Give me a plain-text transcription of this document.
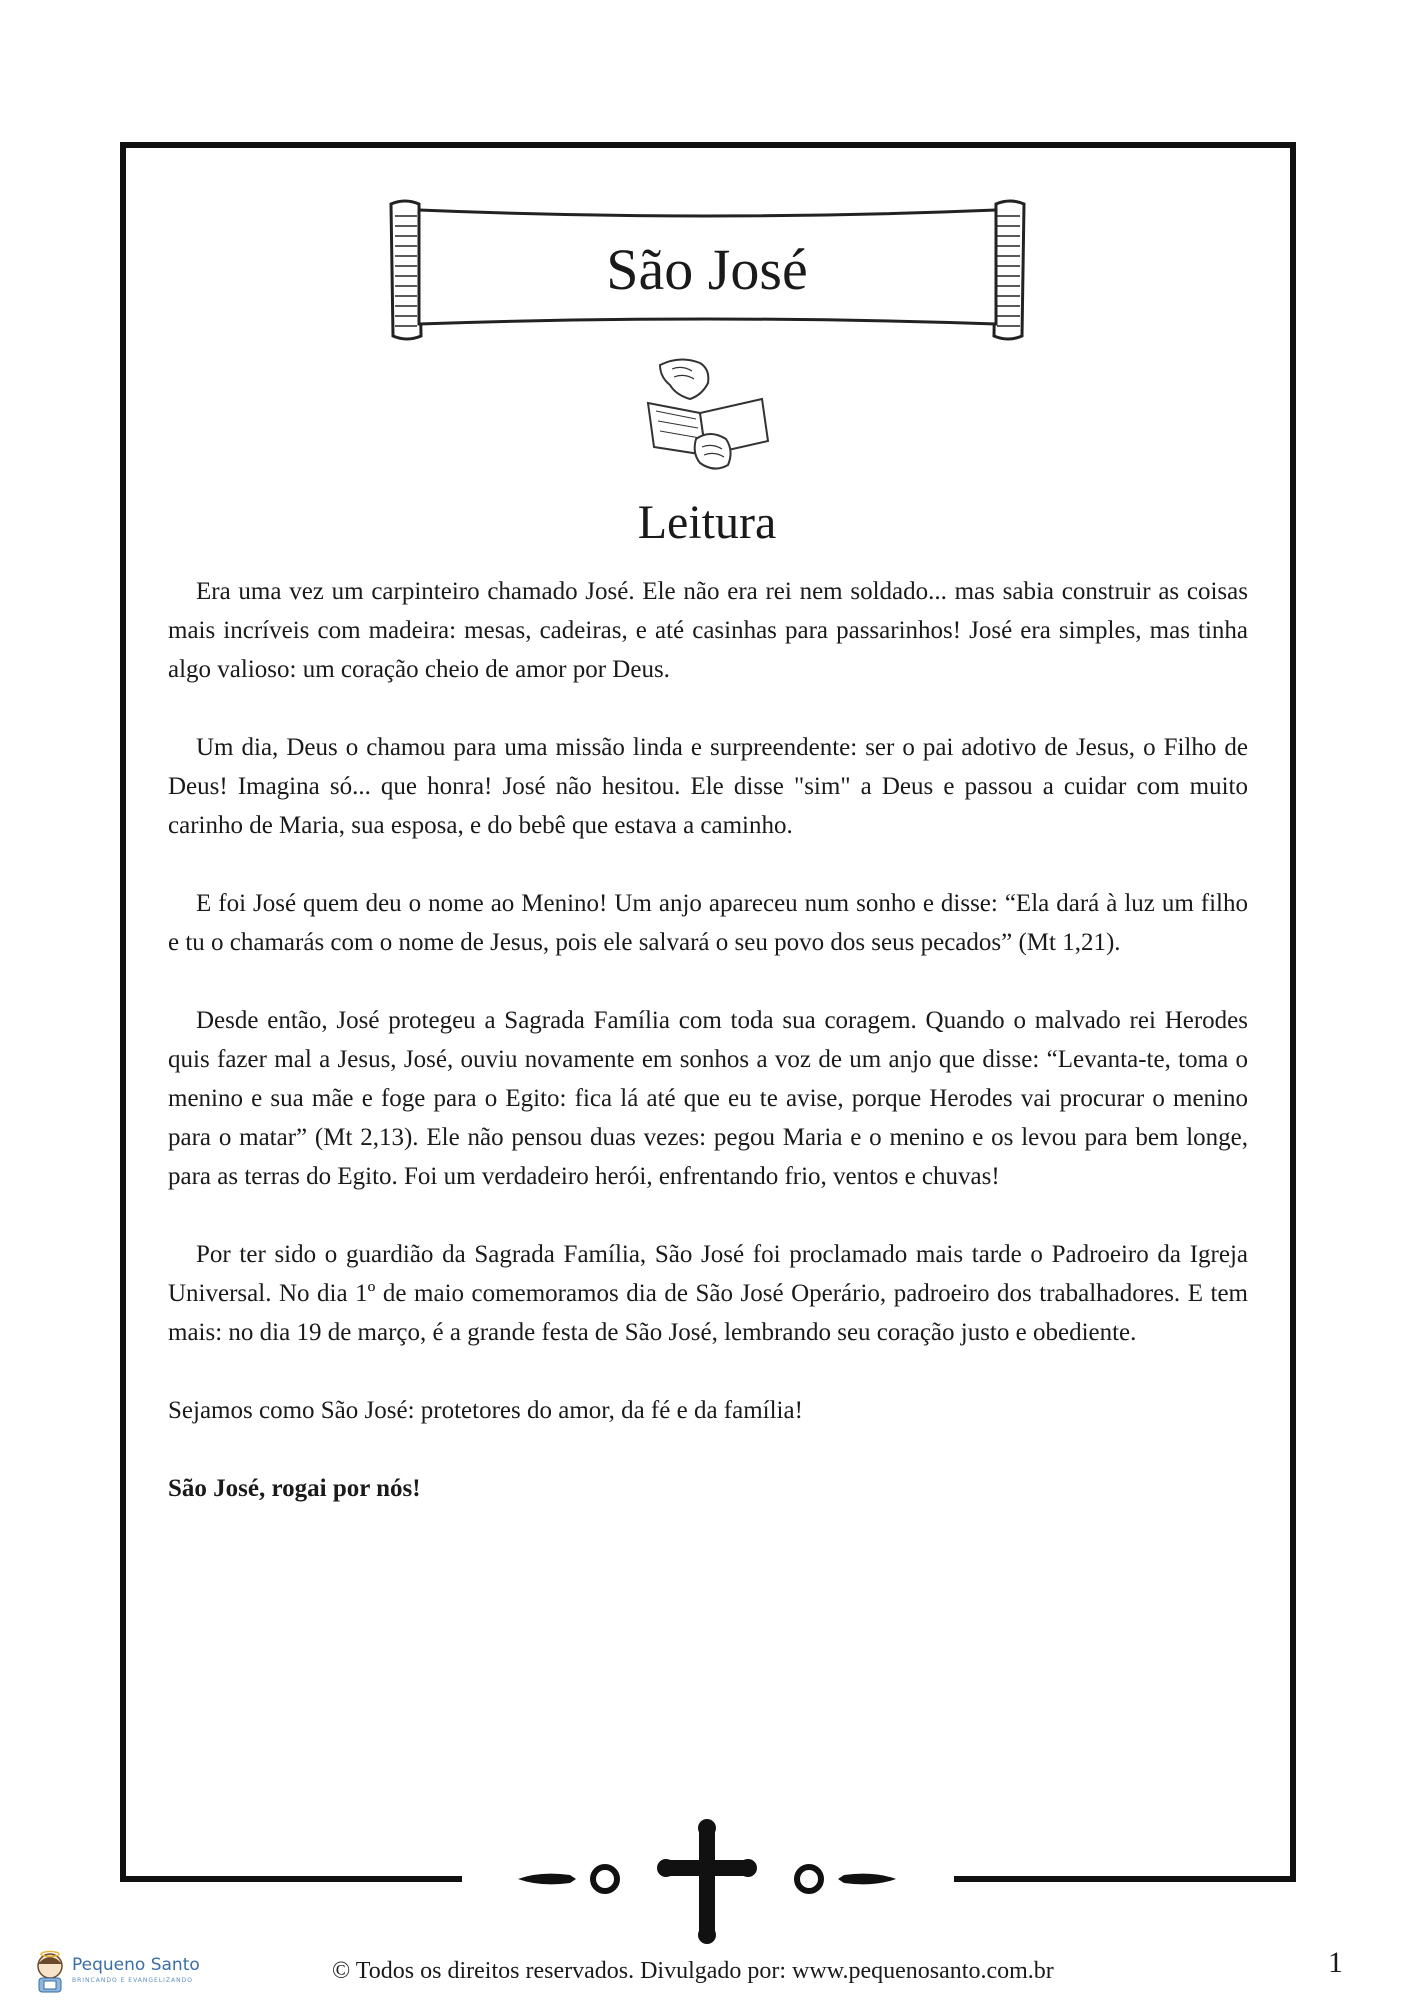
São José
Leitura

Era uma vez um carpinteiro chamado José. Ele não era rei nem soldado... mas sabia construir as coisas mais incríveis com madeira: mesas, cadeiras, e até casinhas para passarinhos! José era simples, mas tinha algo valioso: um coração cheio de amor por Deus.

Um dia, Deus o chamou para uma missão linda e surpreendente: ser o pai adotivo de Jesus, o Filho de Deus! Imagina só... que honra! José não hesitou. Ele disse "sim" a Deus e passou a cuidar com muito carinho de Maria, sua esposa, e do bebê que estava a caminho.

E foi José quem deu o nome ao Menino! Um anjo apareceu num sonho e disse: “Ela dará à luz um filho e tu o chamarás com o nome de Jesus, pois ele salvará o seu povo dos seus pecados” (Mt 1,21).

Desde então, José protegeu a Sagrada Família com toda sua coragem. Quando o malvado rei Herodes quis fazer mal a Jesus, José, ouviu novamente em sonhos a voz de um anjo que disse: “Levanta-te, toma o menino e sua mãe e foge para o Egito: fica lá até que eu te avise, porque Herodes vai procurar o menino para o matar” (Mt 2,13). Ele não pensou duas vezes: pegou Maria e o menino e os levou para bem longe, para as terras do Egito. Foi um verdadeiro herói, enfrentando frio, ventos e chuvas!

Por ter sido o guardião da Sagrada Família, São José foi proclamado mais tarde o Padroeiro da Igreja Universal. No dia 1º de maio comemoramos dia de São José Operário, padroeiro dos trabalhadores. E tem mais: no dia 19 de março, é a grande festa de São José, lembrando seu coração justo e obediente.

Sejamos como São José: protetores do amor, da fé e da família!

São José, rogai por nós!

Pequeno Santo
BRINCANDO E EVANGELIZANDO	© Todos os direitos reservados. Divulgado por: www.pequenosanto.com.br	1
